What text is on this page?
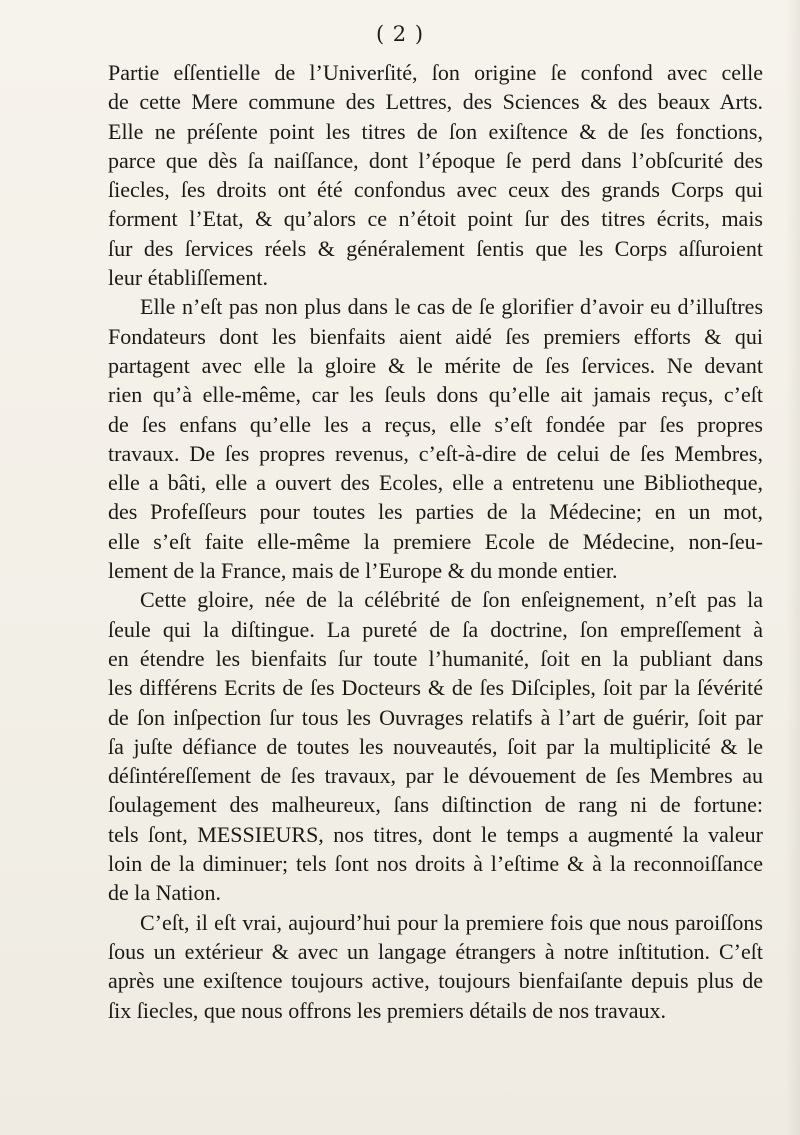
( 2 )
Partie eſſentielle de l’Univerſité, ſon origine ſe confond avec celle
de cette Mere commune des Lettres, des Sciences & des beaux Arts.
Elle ne préſente point les titres de ſon exiſtence & de ſes fonctions,
parce que dès ſa naiſſance, dont l’époque ſe perd dans l’obſcurité des
ſiecles, ſes droits ont été confondus avec ceux des grands Corps qui
forment l’Etat, & qu’alors ce n’étoit point ſur des titres écrits, mais
ſur des ſervices réels & généralement ſentis que les Corps aſſuroient
leur établiſſement.
Elle n’eſt pas non plus dans le cas de ſe glorifier d’avoir eu d’illuſtres
Fondateurs dont les bienfaits aient aidé ſes premiers efforts & qui
partagent avec elle la gloire & le mérite de ſes ſervices. Ne devant
rien qu’à elle-même, car les ſeuls dons qu’elle ait jamais reçus, c’eſt
de ſes enfans qu’elle les a reçus, elle s’eſt fondée par ſes propres
travaux. De ſes propres revenus, c’eſt-à-dire de celui de ſes Membres,
elle a bâti, elle a ouvert des Ecoles, elle a entretenu une Bibliotheque,
des Profeſſeurs pour toutes les parties de la Médecine; en un mot,
elle s’eſt faite elle-même la premiere Ecole de Médecine, non-ſeu-
lement de la France, mais de l’Europe & du monde entier.
Cette gloire, née de la célébrité de ſon enſeignement, n’eſt pas la
ſeule qui la diſtingue. La pureté de ſa doctrine, ſon empreſſement à
en étendre les bienfaits ſur toute l’humanité, ſoit en la publiant dans
les différens Ecrits de ſes Docteurs & de ſes Diſciples, ſoit par la ſévérité
de ſon inſpection ſur tous les Ouvrages relatifs à l’art de guérir, ſoit par
ſa juſte défiance de toutes les nouveautés, ſoit par la multiplicité & le
déſintéreſſement de ſes travaux, par le dévouement de ſes Membres au
ſoulagement des malheureux, ſans diſtinction de rang ni de fortune:
tels ſont, MESSIEURS, nos titres, dont le temps a augmenté la valeur
loin de la diminuer; tels ſont nos droits à l’eſtime & à la reconnoiſſance
de la Nation.
C’eſt, il eſt vrai, aujourd’hui pour la premiere fois que nous paroiſſons
ſous un extérieur & avec un langage étrangers à notre inſtitution. C’eſt
après une exiſtence toujours active, toujours bienfaiſante depuis plus de
ſix ſiecles, que nous offrons les premiers détails de nos travaux.
